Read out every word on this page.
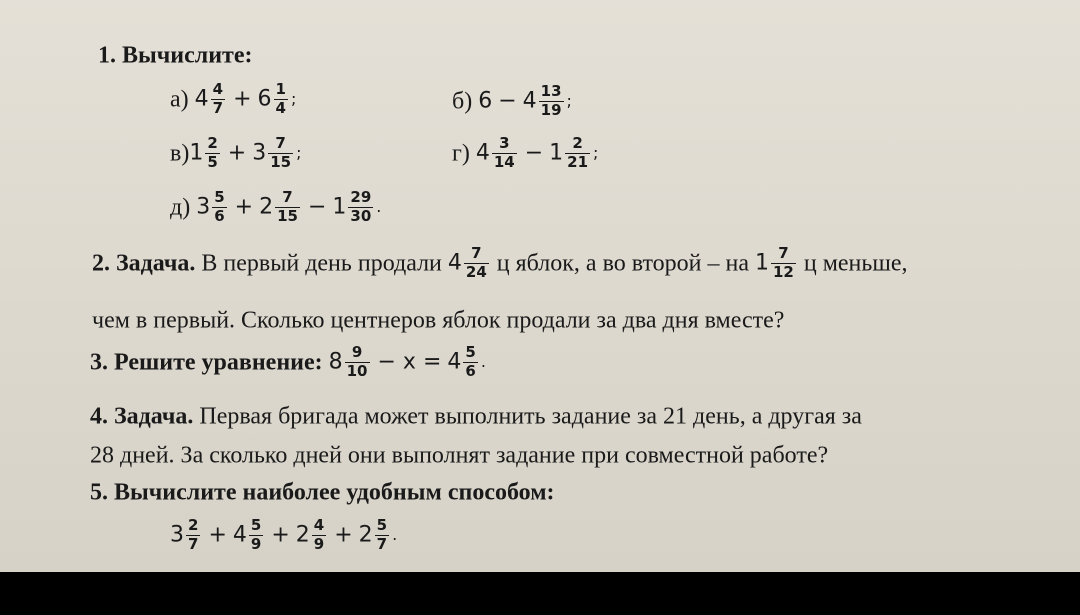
1. Вычислите:
а) $4 \frac{4}{7} + 6 \frac{1}{4}$ ;	б) $6 - 4 \frac{13}{19}$ ;
$в)1 \frac{2}{5} + 3 \frac{7}{15}$ ;	г) $4 \frac{3}{14} - 1 \frac{2}{21}$ ;
д) $3 \frac{5}{6} + 2 \frac{7}{15} - 1 \frac{29}{30}$ .
2. Задача. В первый день продали $4 \frac{7}{24}$ ц яблок, а во второй – на $1 \frac{7}{12}$ ц меньше,
чем в первый. Сколько центнеров яблок продали за два дня вместе?
3. Решите уравнение: $8 \frac{9}{10} - x = 4 \frac{5}{6}$ .
4. Задача. Первая бригада может выполнить задание за 21 день, а другая за
28 дней. За сколько дней они выполнят задание при совместной работе?
5. Вычислите наиболее удобным способом:
$3 \frac{2}{7} + 4 \frac{5}{9} + 2 \frac{4}{9} + 2 \frac{5}{7}$ .
